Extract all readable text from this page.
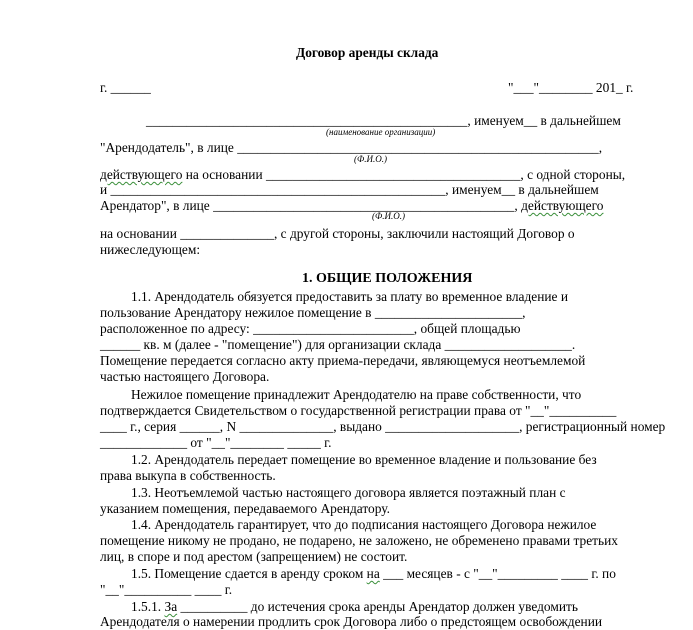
Договор аренды склада
г. ______	"___"________ 201_ г.
________________________________________________, именуем__ в дальнейшем
(наименование организации)
"Арендодатель", в лице ______________________________________________________,
(Ф.И.О.)
действующего на основании ______________________________________, с одной стороны,
и __________________________________________________, именуем__ в дальнейшем
Арендатор", в лице _____________________________________________, действующего
(Ф.И.О.)
на основании ______________, с другой стороны, заключили настоящий Договор о
нижеследующем:
1. ОБЩИЕ ПОЛОЖЕНИЯ
1.1. Арендодатель обязуется предоставить за плату во временное владение и
пользование Арендатору нежилое помещение в ______________________,
расположенное по адресу: ________________________, общей площадью
______ кв. м (далее - "помещение") для организации склада ___________________.
Помещение передается согласно акту приема-передачи, являющемуся неотъемлемой
частью настоящего Договора.
Нежилое помещение принадлежит Арендодателю на праве собственности, что
подтверждается Свидетельством о государственной регистрации права от "__"__________
____ г., серия ______, N ______________, выдано ____________________, регистрационный номер
_____________ от "__"________ _____ г.
1.2. Арендодатель передает помещение во временное владение и пользование без
права выкупа в собственность.
1.3. Неотъемлемой частью настоящего договора является поэтажный план с
указанием помещения, передаваемого Арендатору.
1.4. Арендодатель гарантирует, что до подписания настоящего Договора нежилое
помещение никому не продано, не подарено, не заложено, не обременено правами третьих
лиц, в споре и под арестом (запрещением) не состоит.
1.5. Помещение сдается в аренду сроком на ___ месяцев - с "__"_________ ____ г. по
"__"__________ ____ г.
1.5.1. За __________ до истечения срока аренды Арендатор должен уведомить
Арендодателя о намерении продлить срок Договора либо о предстоящем освобождении
